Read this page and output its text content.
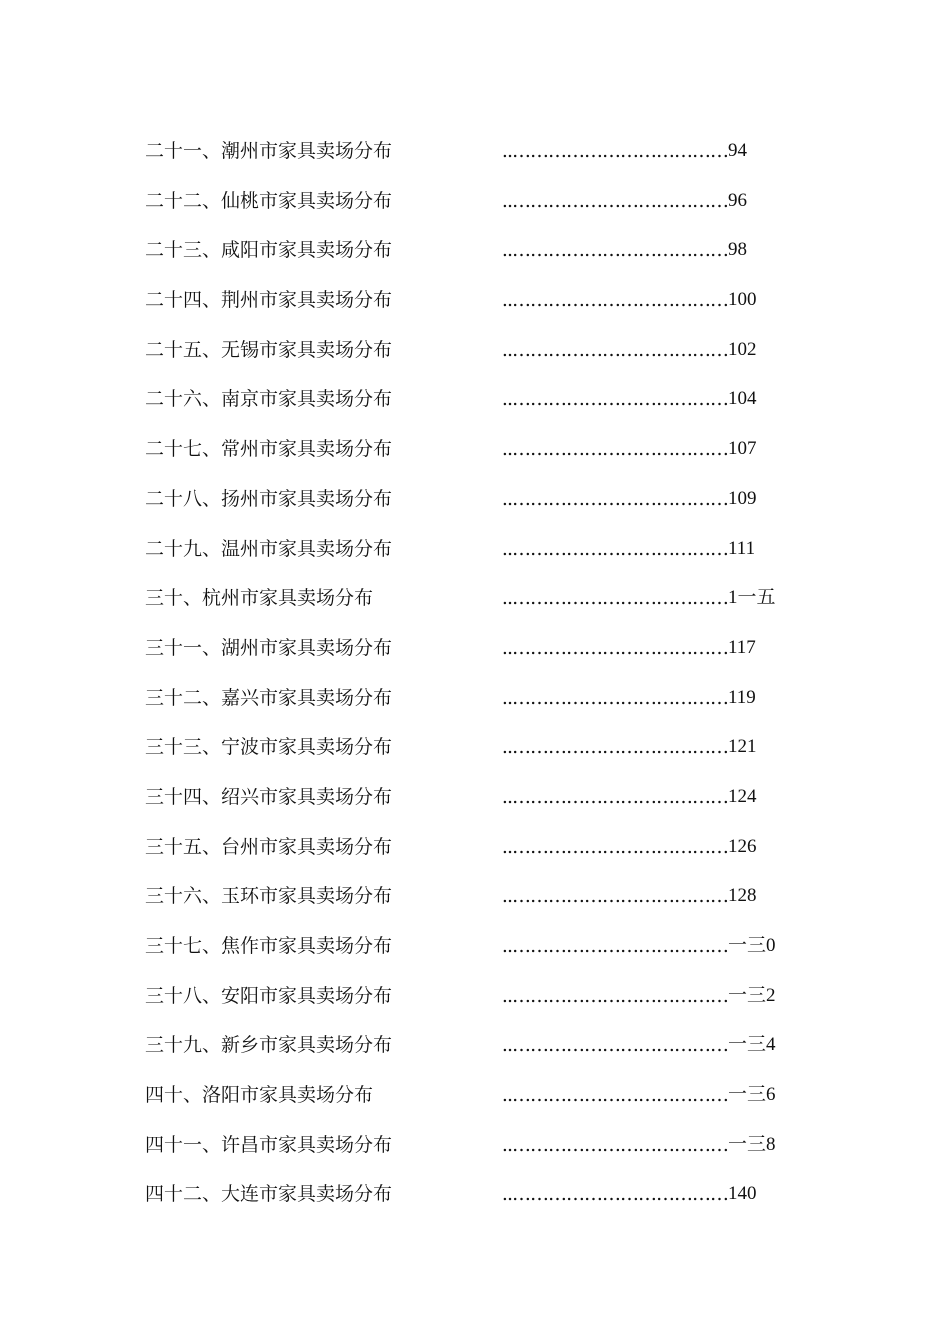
二十一、潮州市家具卖场分布	………………………………..94
二十二、仙桃市家具卖场分布	………………………………..96
二十三、咸阳市家具卖场分布	………………………………..98
二十四、荆州市家具卖场分布	………………………………..100
二十五、无锡市家具卖场分布	………………………………..102
二十六、南京市家具卖场分布	………………………………..104
二十七、常州市家具卖场分布	………………………………..107
二十八、扬州市家具卖场分布	………………………………..109
二十九、温州市家具卖场分布	………………………………..111
三十、杭州市家具卖场分布	………………………………..1一五
三十一、湖州市家具卖场分布	………………………………..117
三十二、嘉兴市家具卖场分布	………………………………..119
三十三、宁波市家具卖场分布	………………………………..121
三十四、绍兴市家具卖场分布	………………………………..124
三十五、台州市家具卖场分布	………………………………..126
三十六、玉环市家具卖场分布	………………………………..128
三十七、焦作市家具卖场分布	………………………………..一三0
三十八、安阳市家具卖场分布	………………………………..一三2
三十九、新乡市家具卖场分布	………………………………..一三4
四十、洛阳市家具卖场分布	………………………………..一三6
四十一、许昌市家具卖场分布	………………………………..一三8
四十二、大连市家具卖场分布	………………………………..140
